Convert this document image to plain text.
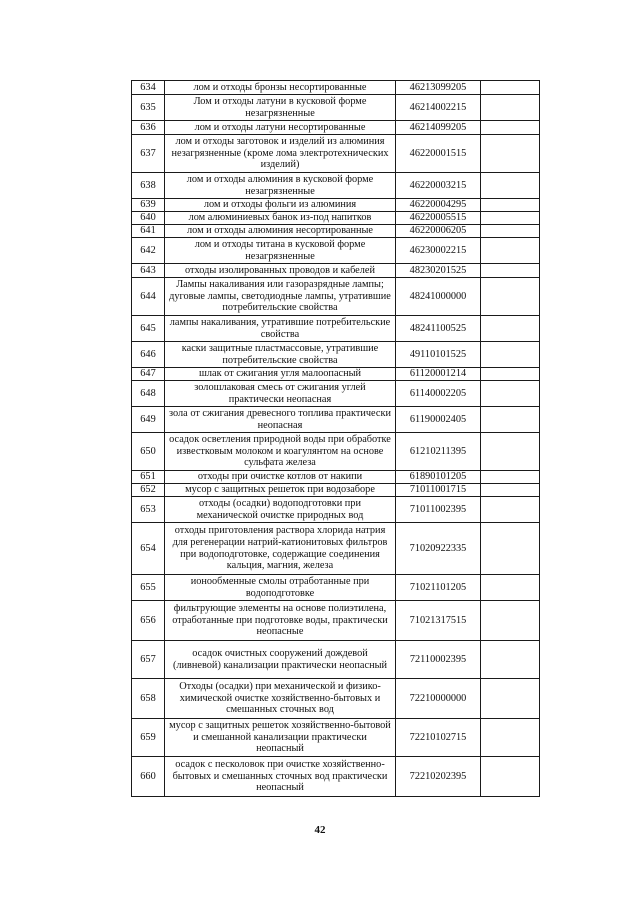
634	лом и отходы бронзы несортированные	46213099205	
635	Лом и отходы латуни в кусковой форме незагрязненные	46214002215	
636	лом и отходы латуни несортированные	46214099205	
637	лом и отходы заготовок и изделий из алюминия незагрязненные (кроме лома электротехнических изделий)	46220001515	
638	лом и отходы алюминия в кусковой форме незагрязненные	46220003215	
639	лом и отходы фольги из алюминия	46220004295	
640	лом алюминиевых банок из-под напитков	46220005515	
641	лом и отходы алюминия несортированные	46220006205	
642	лом и отходы титана в кусковой форме незагрязненные	46230002215	
643	отходы изолированных проводов и кабелей	48230201525	
644	Лампы накаливания или газоразрядные лампы; дуговые лампы, светодиодные лампы, утратившие потребительские свойства	48241000000	
645	лампы накаливания, утратившие потребительские свойства	48241100525	
646	каски защитные пластмассовые, утратившие потребительские свойства	49110101525	
647	шлак от сжигания угля малоопасный	61120001214	
648	золошлаковая смесь от сжигания углей практически неопасная	61140002205	
649	зола от сжигания древесного топлива практически неопасная	61190002405	
650	осадок осветления природной воды при обработке известковым молоком и коагулянтом на основе сульфата железа	61210211395	
651	отходы при очистке котлов от накипи	61890101205	
652	мусор с защитных решеток при водозаборе	71011001715	
653	отходы (осадки) водоподготовки при механической очистке природных вод	71011002395	
654	отходы приготовления раствора хлорида натрия для регенерации натрий-катионитовых фильтров при водоподготовке, содержащие соединения кальция, магния, железа	71020922335	
655	ионообменные смолы отработанные при водоподготовке	71021101205	
656	фильтрующие элементы на основе полиэтилена, отработанные при подготовке воды, практически неопасные	71021317515	
657	осадок очистных сооружений дождевой (ливневой) канализации практически неопасный	72110002395	
658	Отходы (осадки) при механической и физико-химической очистке хозяйственно-бытовых и смешанных сточных вод	72210000000	
659	мусор с защитных решеток хозяйственно-бытовой и смешанной канализации практически неопасный	72210102715	
660	осадок с песколовок при очистке хозяйственно-бытовых и смешанных сточных вод практически неопасный	72210202395	
42
